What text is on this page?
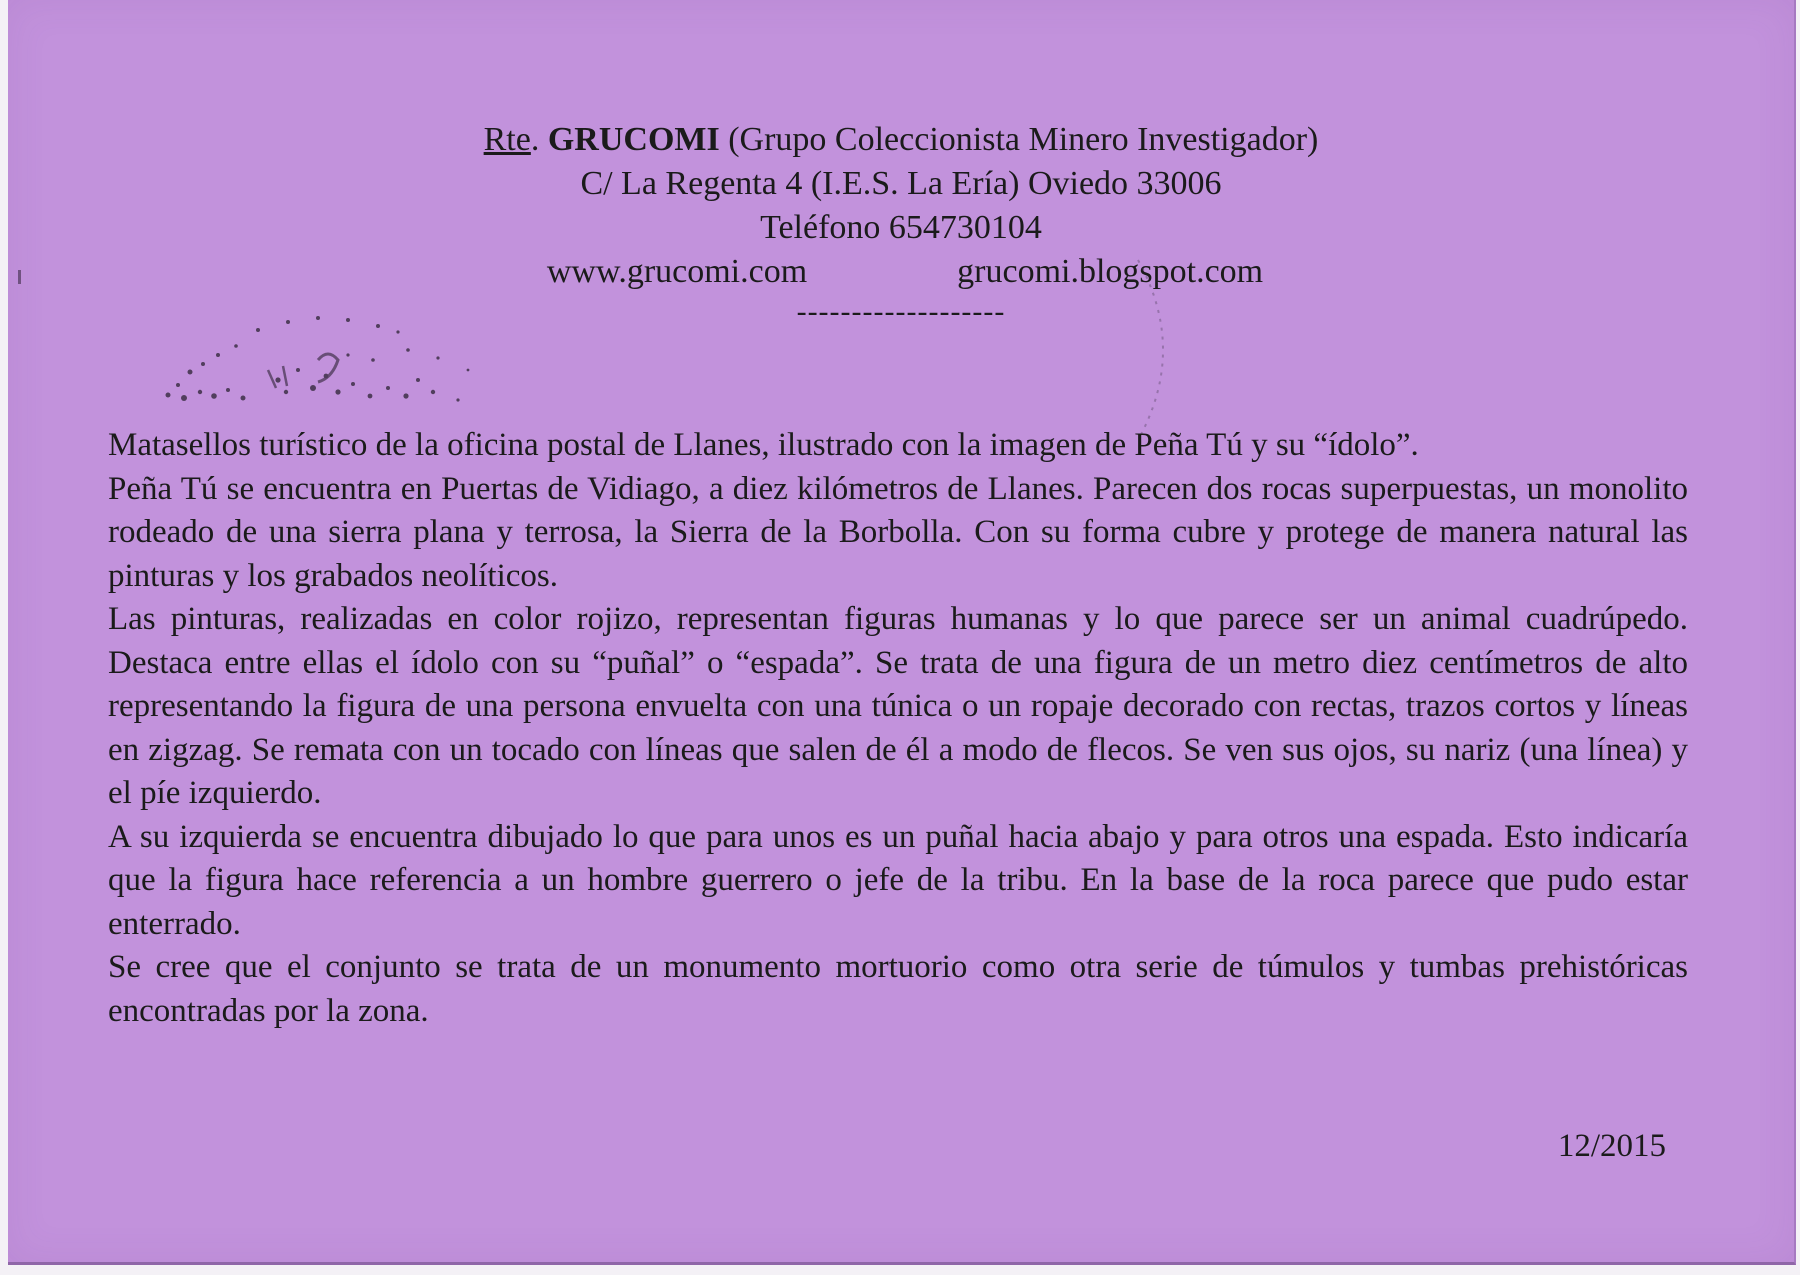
Rte. GRUCOMI (Grupo Coleccionista Minero Investigador)
C/ La Regenta 4 (I.E.S. La Ería) Oviedo 33006
Teléfono 654730104
www.grucomi.com	grucomi.blogspot.com
-------------------

Matasellos turístico de la oficina postal de Llanes, ilustrado con la imagen de Peña Tú y su “ídolo”.

Peña Tú se encuentra en Puertas de Vidiago, a diez kilómetros de Llanes. Parecen dos rocas superpuestas, un monolito rodeado de una sierra plana y terrosa, la Sierra de la Borbolla. Con su forma cubre y protege de manera natural las pinturas y los grabados neolíticos.

Las pinturas, realizadas en color rojizo, representan figuras humanas y lo que parece ser un animal cuadrúpedo. Destaca entre ellas el ídolo con su “puñal” o “espada”. Se trata de una figura de un metro diez centímetros de alto representando la figura de una persona envuelta con una túnica o un ropaje decorado con rectas, trazos cortos y líneas en zigzag. Se remata con un tocado con líneas que salen de él a modo de flecos. Se ven sus ojos, su nariz (una línea) y el píe izquierdo.

A su izquierda se encuentra dibujado lo que para unos es un puñal hacia abajo y para otros una espada. Esto indicaría que la figura hace referencia a un hombre guerrero o jefe de la tribu. En la base de la roca parece que pudo estar enterrado.

Se cree que el conjunto se trata de un monumento mortuorio como otra serie de túmulos y tumbas prehistóricas encontradas por la zona.

12/2015
